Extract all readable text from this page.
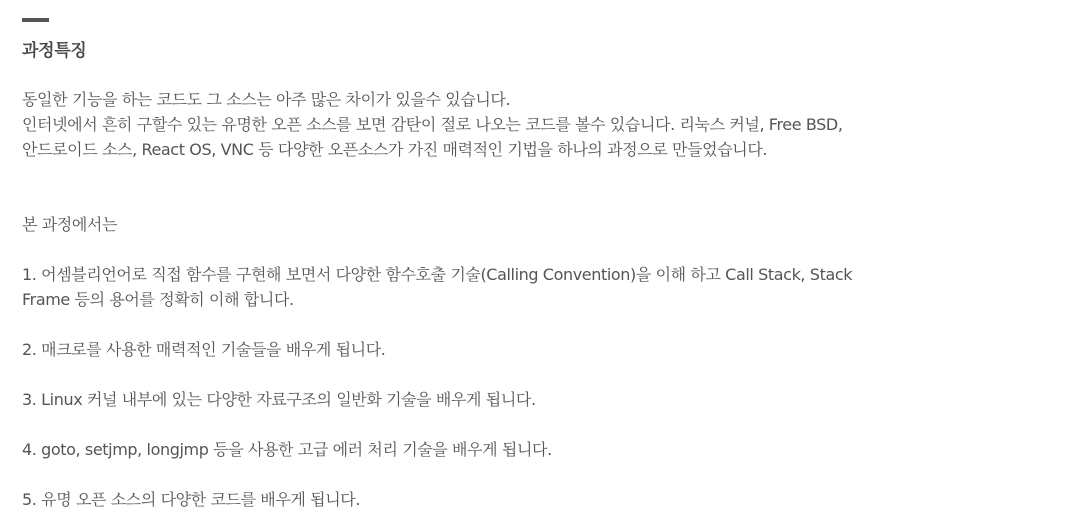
과정특징

동일한 기능을 하는 코드도 그 소스는 아주 많은 차이가 있을수 있습니다.

인터넷에서 흔히 구할수 있는 유명한 오픈 소스를 보면 감탄이 절로 나오는 코드를 볼수 있습니다. 리눅스 커널, Free BSD,

안드로이드 소스, React OS, VNC 등 다양한 오픈소스가 가진 매력적인 기법을 하나의 과정으로 만들었습니다.

본 과정에서는

1. 어셈블리언어로 직접 함수를 구현해 보면서 다양한 함수호출 기술(Calling Convention)을 이해 하고 Call Stack, Stack

Frame 등의 용어를 정확히 이해 합니다.

2. 매크로를 사용한 매력적인 기술들을 배우게 됩니다.

3. Linux 커널 내부에 있는 다양한 자료구조의 일반화 기술을 배우게 됩니다.

4. goto, setjmp, longjmp 등을 사용한 고급 에러 처리 기술을 배우게 됩니다.

5. 유명 오픈 소스의 다양한 코드를 배우게 됩니다.
